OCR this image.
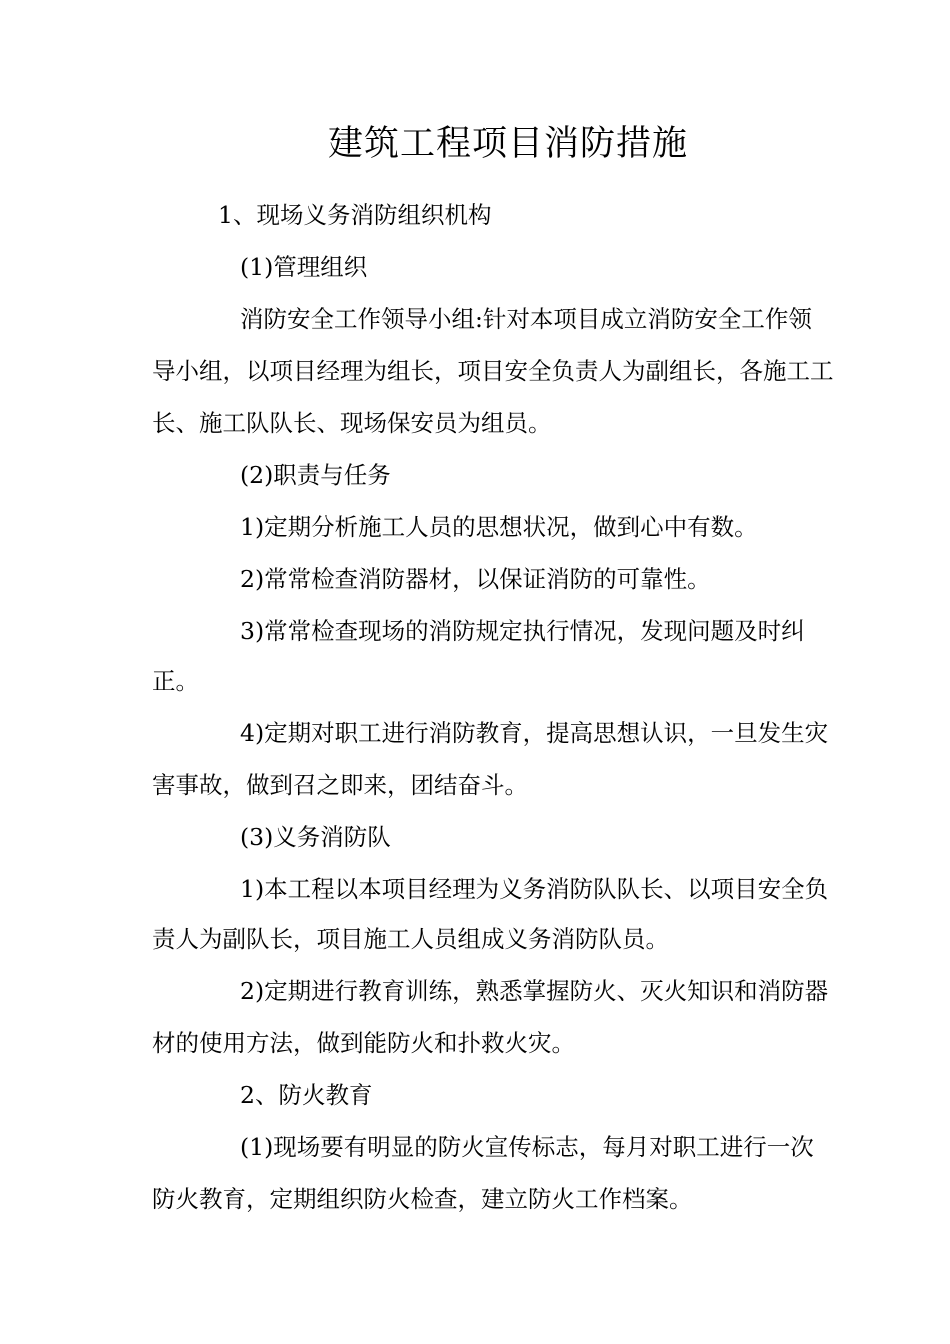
建筑工程项目消防措施
1、现场义务消防组织机构
(1)管理组织
消防安全工作领导小组:针对本项目成立消防安全工作领
导小组，以项目经理为组长，项目安全负责人为副组长，各施工工
长、施工队队长、现场保安员为组员。
(2)职责与任务
1)定期分析施工人员的思想状况，做到心中有数。
2)常常检查消防器材，以保证消防的可靠性。
3)常常检查现场的消防规定执行情况，发现问题及时纠
正。
4)定期对职工进行消防教育，提高思想认识，一旦发生灾
害事故，做到召之即来，团结奋斗。
(3)义务消防队
1)本工程以本项目经理为义务消防队队长、以项目安全负
责人为副队长，项目施工人员组成义务消防队员。
2)定期进行教育训练，熟悉掌握防火、灭火知识和消防器
材的使用方法，做到能防火和扑救火灾。
2、防火教育
(1)现场要有明显的防火宣传标志，每月对职工进行一次
防火教育，定期组织防火检查，建立防火工作档案。
